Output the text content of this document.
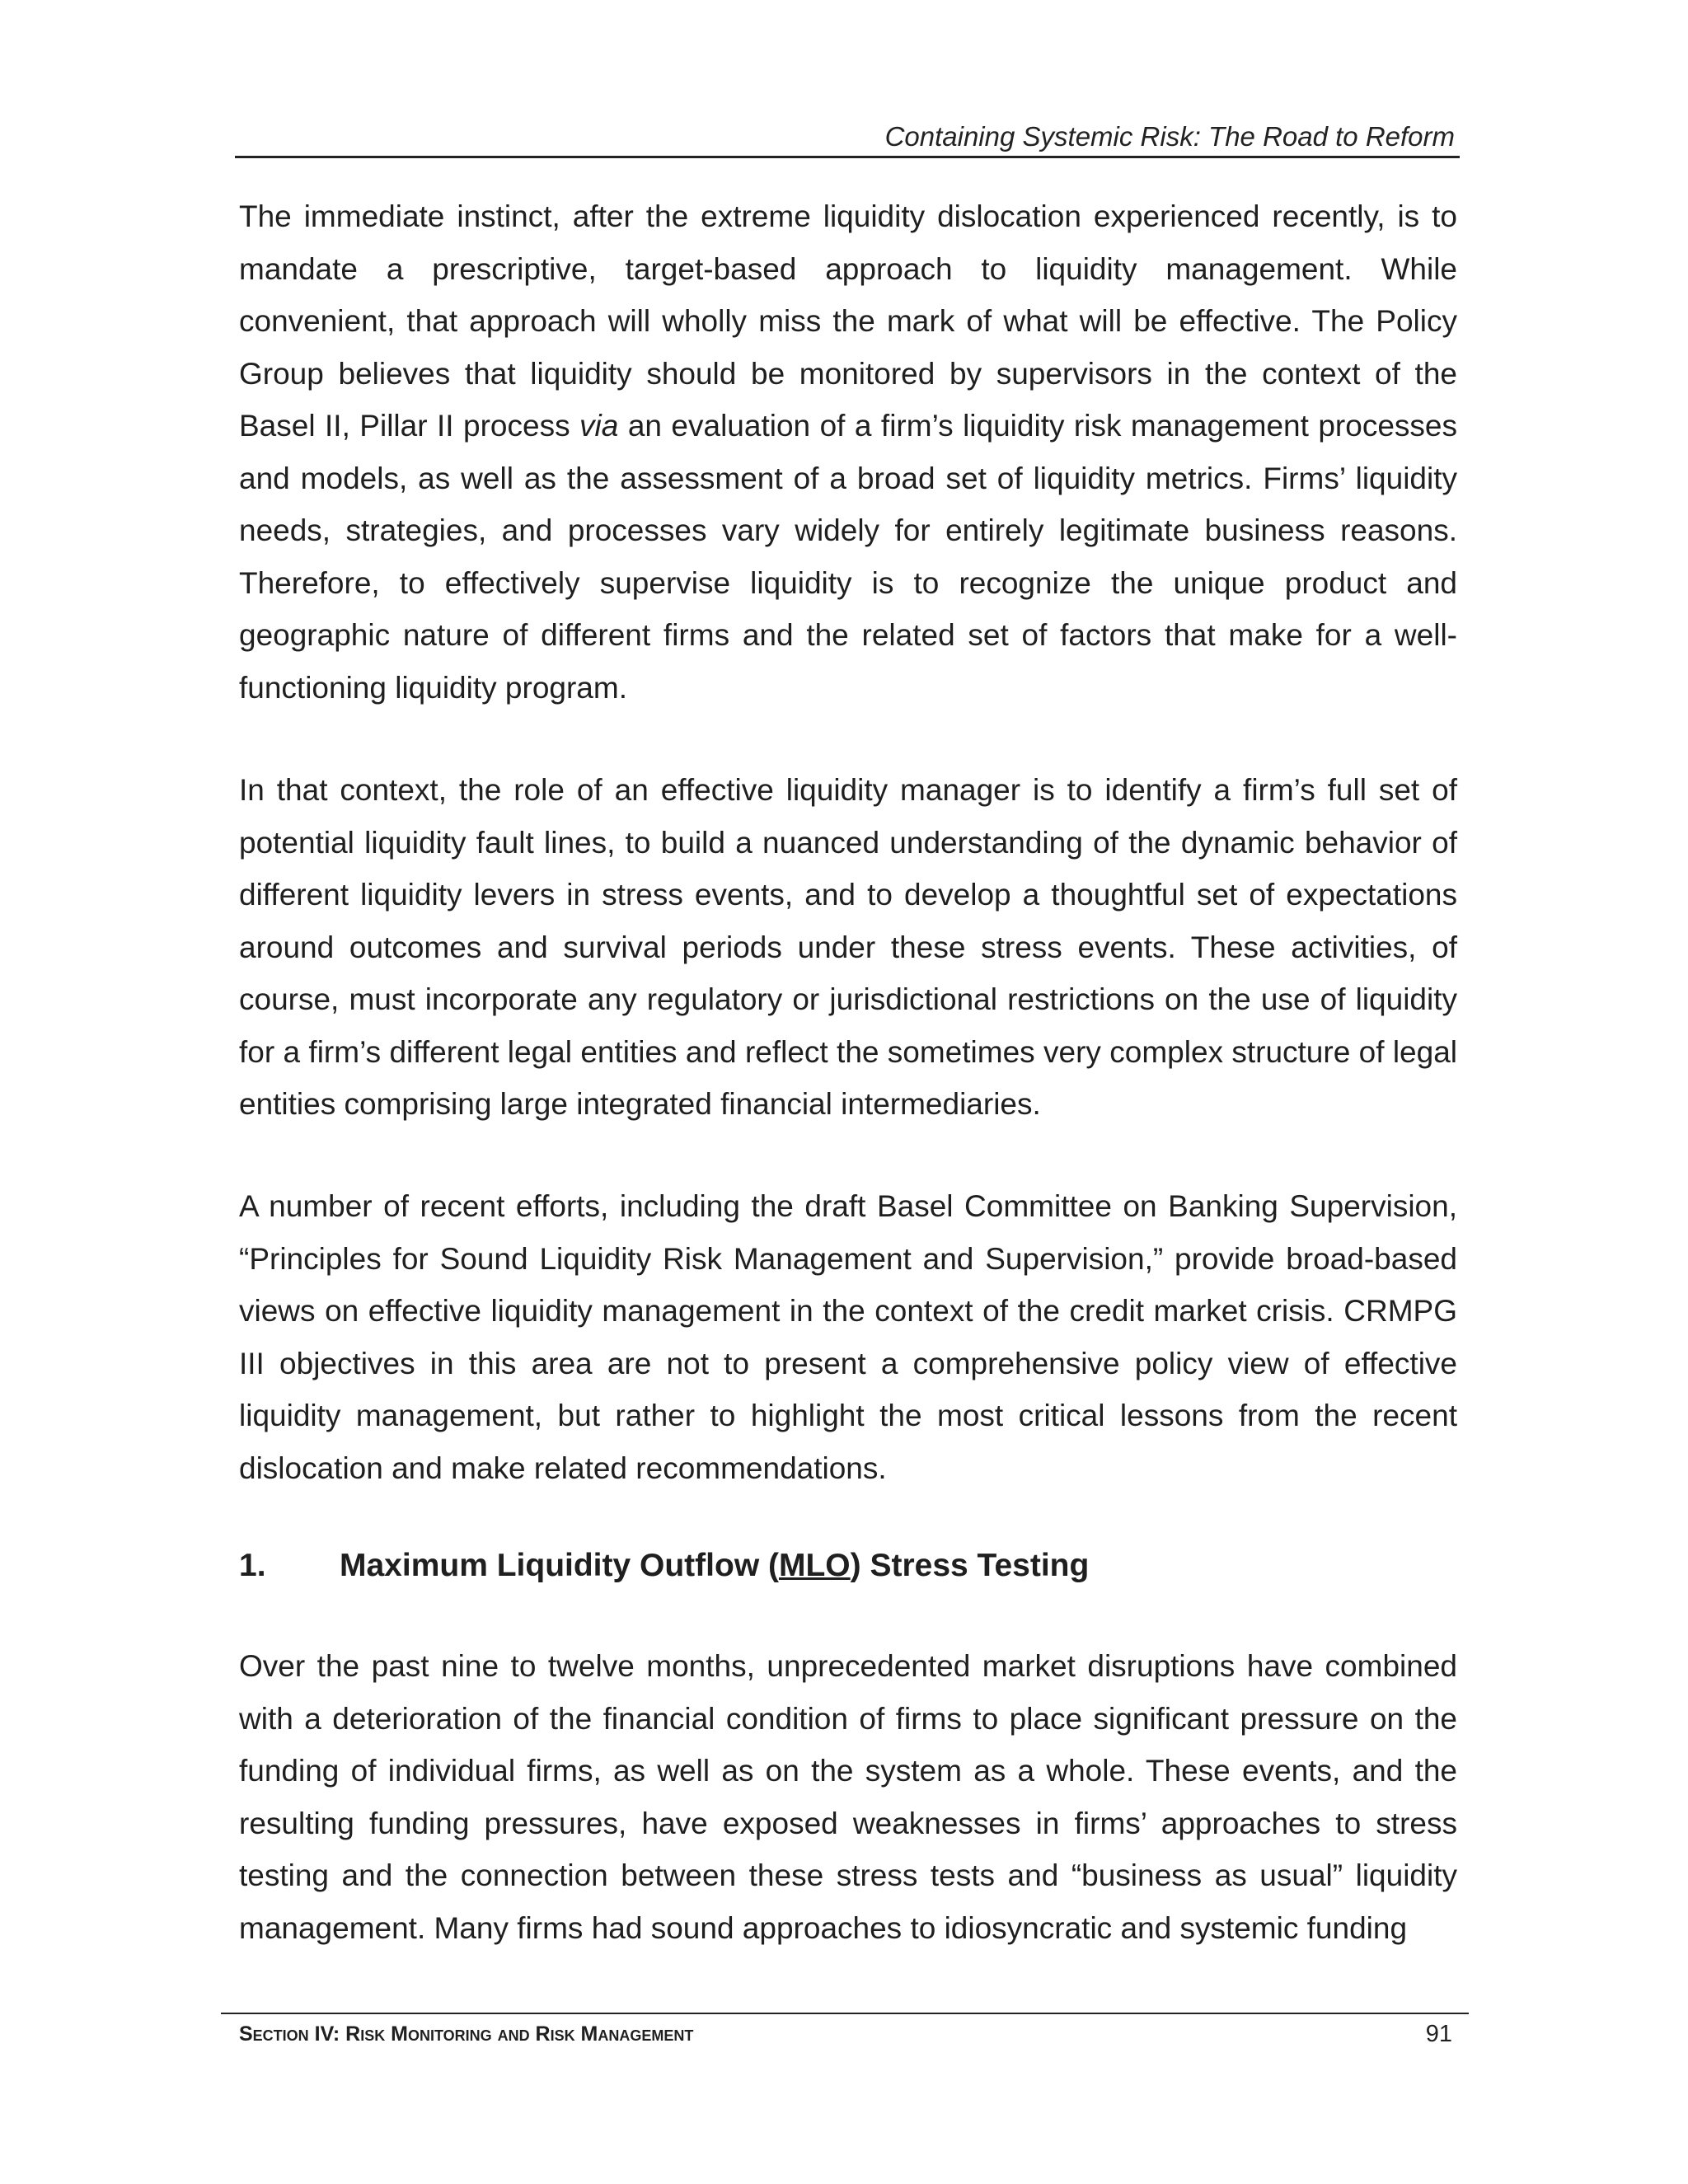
Containing Systemic Risk: The Road to Reform

The immediate instinct, after the extreme liquidity dislocation experienced recently, is to mandate a prescriptive, target-based approach to liquidity management. While convenient, that approach will wholly miss the mark of what will be effective. The Policy Group believes that liquidity should be monitored by supervisors in the context of the Basel II, Pillar II process via an evaluation of a firm’s liquidity risk management processes and models, as well as the assessment of a broad set of liquidity metrics. Firms’ liquidity needs, strategies, and processes vary widely for entirely legitimate business reasons. Therefore, to effectively supervise liquidity is to recognize the unique product and geographic nature of different firms and the related set of factors that make for a well-functioning liquidity program.

In that context, the role of an effective liquidity manager is to identify a firm’s full set of potential liquidity fault lines, to build a nuanced understanding of the dynamic behavior of different liquidity levers in stress events, and to develop a thoughtful set of expectations around outcomes and survival periods under these stress events. These activities, of course, must incorporate any regulatory or jurisdictional restrictions on the use of liquidity for a firm’s different legal entities and reflect the sometimes very complex structure of legal entities comprising large integrated financial intermediaries.

A number of recent efforts, including the draft Basel Committee on Banking Supervision, “Principles for Sound Liquidity Risk Management and Supervision,” provide broad-based views on effective liquidity management in the context of the credit market crisis. CRMPG III objectives in this area are not to present a comprehensive policy view of effective liquidity management, but rather to highlight the most critical lessons from the recent dislocation and make related recommendations.

1. Maximum Liquidity Outflow (MLO) Stress Testing

Over the past nine to twelve months, unprecedented market disruptions have combined with a deterioration of the financial condition of firms to place significant pressure on the funding of individual firms, as well as on the system as a whole. These events, and the resulting funding pressures, have exposed weaknesses in firms’ approaches to stress testing and the connection between these stress tests and “business as usual” liquidity management. Many firms had sound approaches to idiosyncratic and systemic funding

Section IV: Risk Monitoring and Risk Management	91
